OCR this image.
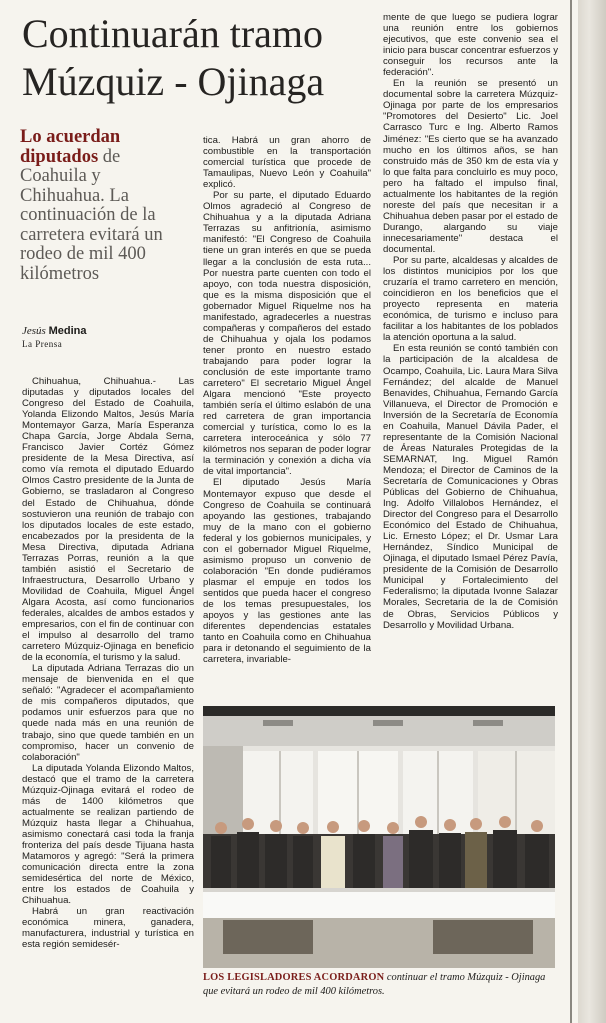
Continuarán tramo Múzquiz - Ojinaga
Lo acuerdan diputados de Coahuila y Chihuahua. La continuación de la carretera evitará un rodeo de mil 400 kilómetros
Jesús Medina
La Prensa

Chihuahua, Chihuahua.- Las diputadas y diputados locales del Congreso del Estado de Coahuila, Yolanda Elizondo Maltos, Jesús María Montemayor Garza, María Esperanza Chapa García, Jorge Abdala Serna, Francisco Javier Cortéz Gómez presidente de la Mesa Directiva, así como vía remota el diputado Eduardo Olmos Castro presidente de la Junta de Gobierno, se trasladaron al Congreso del Estado de Chihuahua, dónde sostuvieron una reunión de trabajo con los diputados locales de este estado, encabezados por la presidenta de la Mesa Directiva, diputada Adriana Terrazas Porras, reunión a la que también asistió el Secretario de Infraestructura, Desarrollo Urbano y Movilidad de Coahuila, Miguel Ángel Algara Acosta, así como funcionarios federales, alcaldes de ambos estados y empresarios, con el fin de continuar con el impulso al desarrollo del tramo carretero Múzquiz-Ojinaga en beneficio de la economía, el turismo y la salud.

La diputada Adriana Terrazas dio un mensaje de bienvenida en el que señaló: "Agradecer el acompañamiento de mis compañeros diputados, que podamos unir esfuerzos para que no quede nada más en una reunión de trabajo, sino que quede también en un compromiso, hacer un convenio de colaboración"

La diputada Yolanda Elizondo Maltos, destacó que el tramo de la carretera Múzquiz-Ojinaga evitará el rodeo de más de 1400 kilómetros que actualmente se realizan partiendo de Múzquiz hasta llegar a Chihuahua, asimismo conectará casi toda la franja fronteriza del país desde Tijuana hasta Matamoros y agregó: "Será la primera comunicación directa entre la zona semidesértica del norte de México, entre los estados de Coahuila y Chihuahua.

Habrá un gran reactivación económica minera, ganadera, manufacturera, industrial y turística en esta región semidesér-

tica. Habrá un gran ahorro de combustible en la transportación comercial turística que procede de Tamaulipas, Nuevo León y Coahuila" explicó.

Por su parte, el diputado Eduardo Olmos agradeció al Congreso de Chihuahua y a la diputada Adriana Terrazas su anfitrionía, asimismo manifestó: "El Congreso de Coahuila tiene un gran interés en que se pueda llegar a la conclusión de esta ruta... Por nuestra parte cuenten con todo el apoyo, con toda nuestra disposición, que es la misma disposición que el gobernador Miguel Riquelme nos ha manifestado, agradecerles a nuestras compañeras y compañeros del estado de Chihuahua y ojala los podamos tener pronto en nuestro estado trabajando para poder lograr la conclusión de este importante tramo carretero" El secretario Miguel Ángel Algara mencionó "Este proyecto también sería el último eslabón de una red carretera de gran importancia comercial y turística, como lo es la carretera interoceánica y sólo 77 kilómetros nos separan de poder lograr la terminación y conexión a dicha vía de vital importancia".

El diputado Jesús María Montemayor expuso que desde el Congreso de Coahuila se continuará apoyando las gestiones, trabajando muy de la mano con el gobierno federal y los gobiernos municipales, y con el gobernador Miguel Riquelme, asimismo propuso un convenio de colaboración "En donde pudiéramos plasmar el empuje en todos los sentidos que pueda hacer el congreso de los temas presupuestales, los apoyos y las gestiones ante las diferentes dependencias estatales tanto en Coahuila como en Chihuahua para ir detonando el seguimiento de la carretera, invariable-

mente de que luego se pudiera lograr una reunión entre los gobiernos ejecutivos, que este convenio sea el inicio para buscar concentrar esfuerzos y conseguir los recursos ante la federación".

En la reunión se presentó un documental sobre la carretera Múzquiz-Ojinaga por parte de los empresarios "Promotores del Desierto" Lic. Joel Carrasco Turc e Ing. Alberto Ramos Jiménez: "Es cierto que se ha avanzado mucho en los últimos años, se han construido más de 350 km de esta vía y lo que falta para concluirlo es muy poco, pero ha faltado el impulso final, actualmente los habitantes de la región noreste del país que necesitan ir a Chihuahua deben pasar por el estado de Durango, alargando su viaje innecesariamente" destaca el documental.

Por su parte, alcaldesas y alcaldes de los distintos municipios por los que cruzaría el tramo carretero en mención, coincidieron en los beneficios que el proyecto representa en materia económica, de turismo e incluso para facilitar a los habitantes de los poblados la atención oportuna a la salud.

En esta reunión se contó también con la participación de la alcaldesa de Ocampo, Coahuila, Lic. Laura Mara Silva Fernández; del alcalde de Manuel Benavides, Chihuahua, Fernando García Villanueva, el Director de Promoción e Inversión de la Secretaría de Economía en Coahuila, Manuel Dávila Pader, el representante de la Comisión Nacional de Áreas Naturales Protegidas de la SEMARNAT, Ing. Miguel Ramón Mendoza; el Director de Caminos de la Secretaría de Comunicaciones y Obras Públicas del Gobierno de Chihuahua, Ing. Adolfo Villalobos Hernández, el Director del Congreso para el Desarrollo Económico del Estado de Chihuahua, Lic. Ernesto López; el Dr. Usmar Lara Hernández, Síndico Municipal de Ojinaga, el diputado Ismael Pérez Pavía, presidente de la Comisión de Desarrollo Municipal y Fortalecimiento del Federalismo; la diputada Ivonne Salazar Morales, Secretaria de la de Comisión de Obras, Servicios Públicos y Desarrollo y Movilidad Urbana.

LOS LEGISLADORES ACORDARON continuar el tramo Múzquiz - Ojinaga que evitará un rodeo de mil 400 kilómetros.
